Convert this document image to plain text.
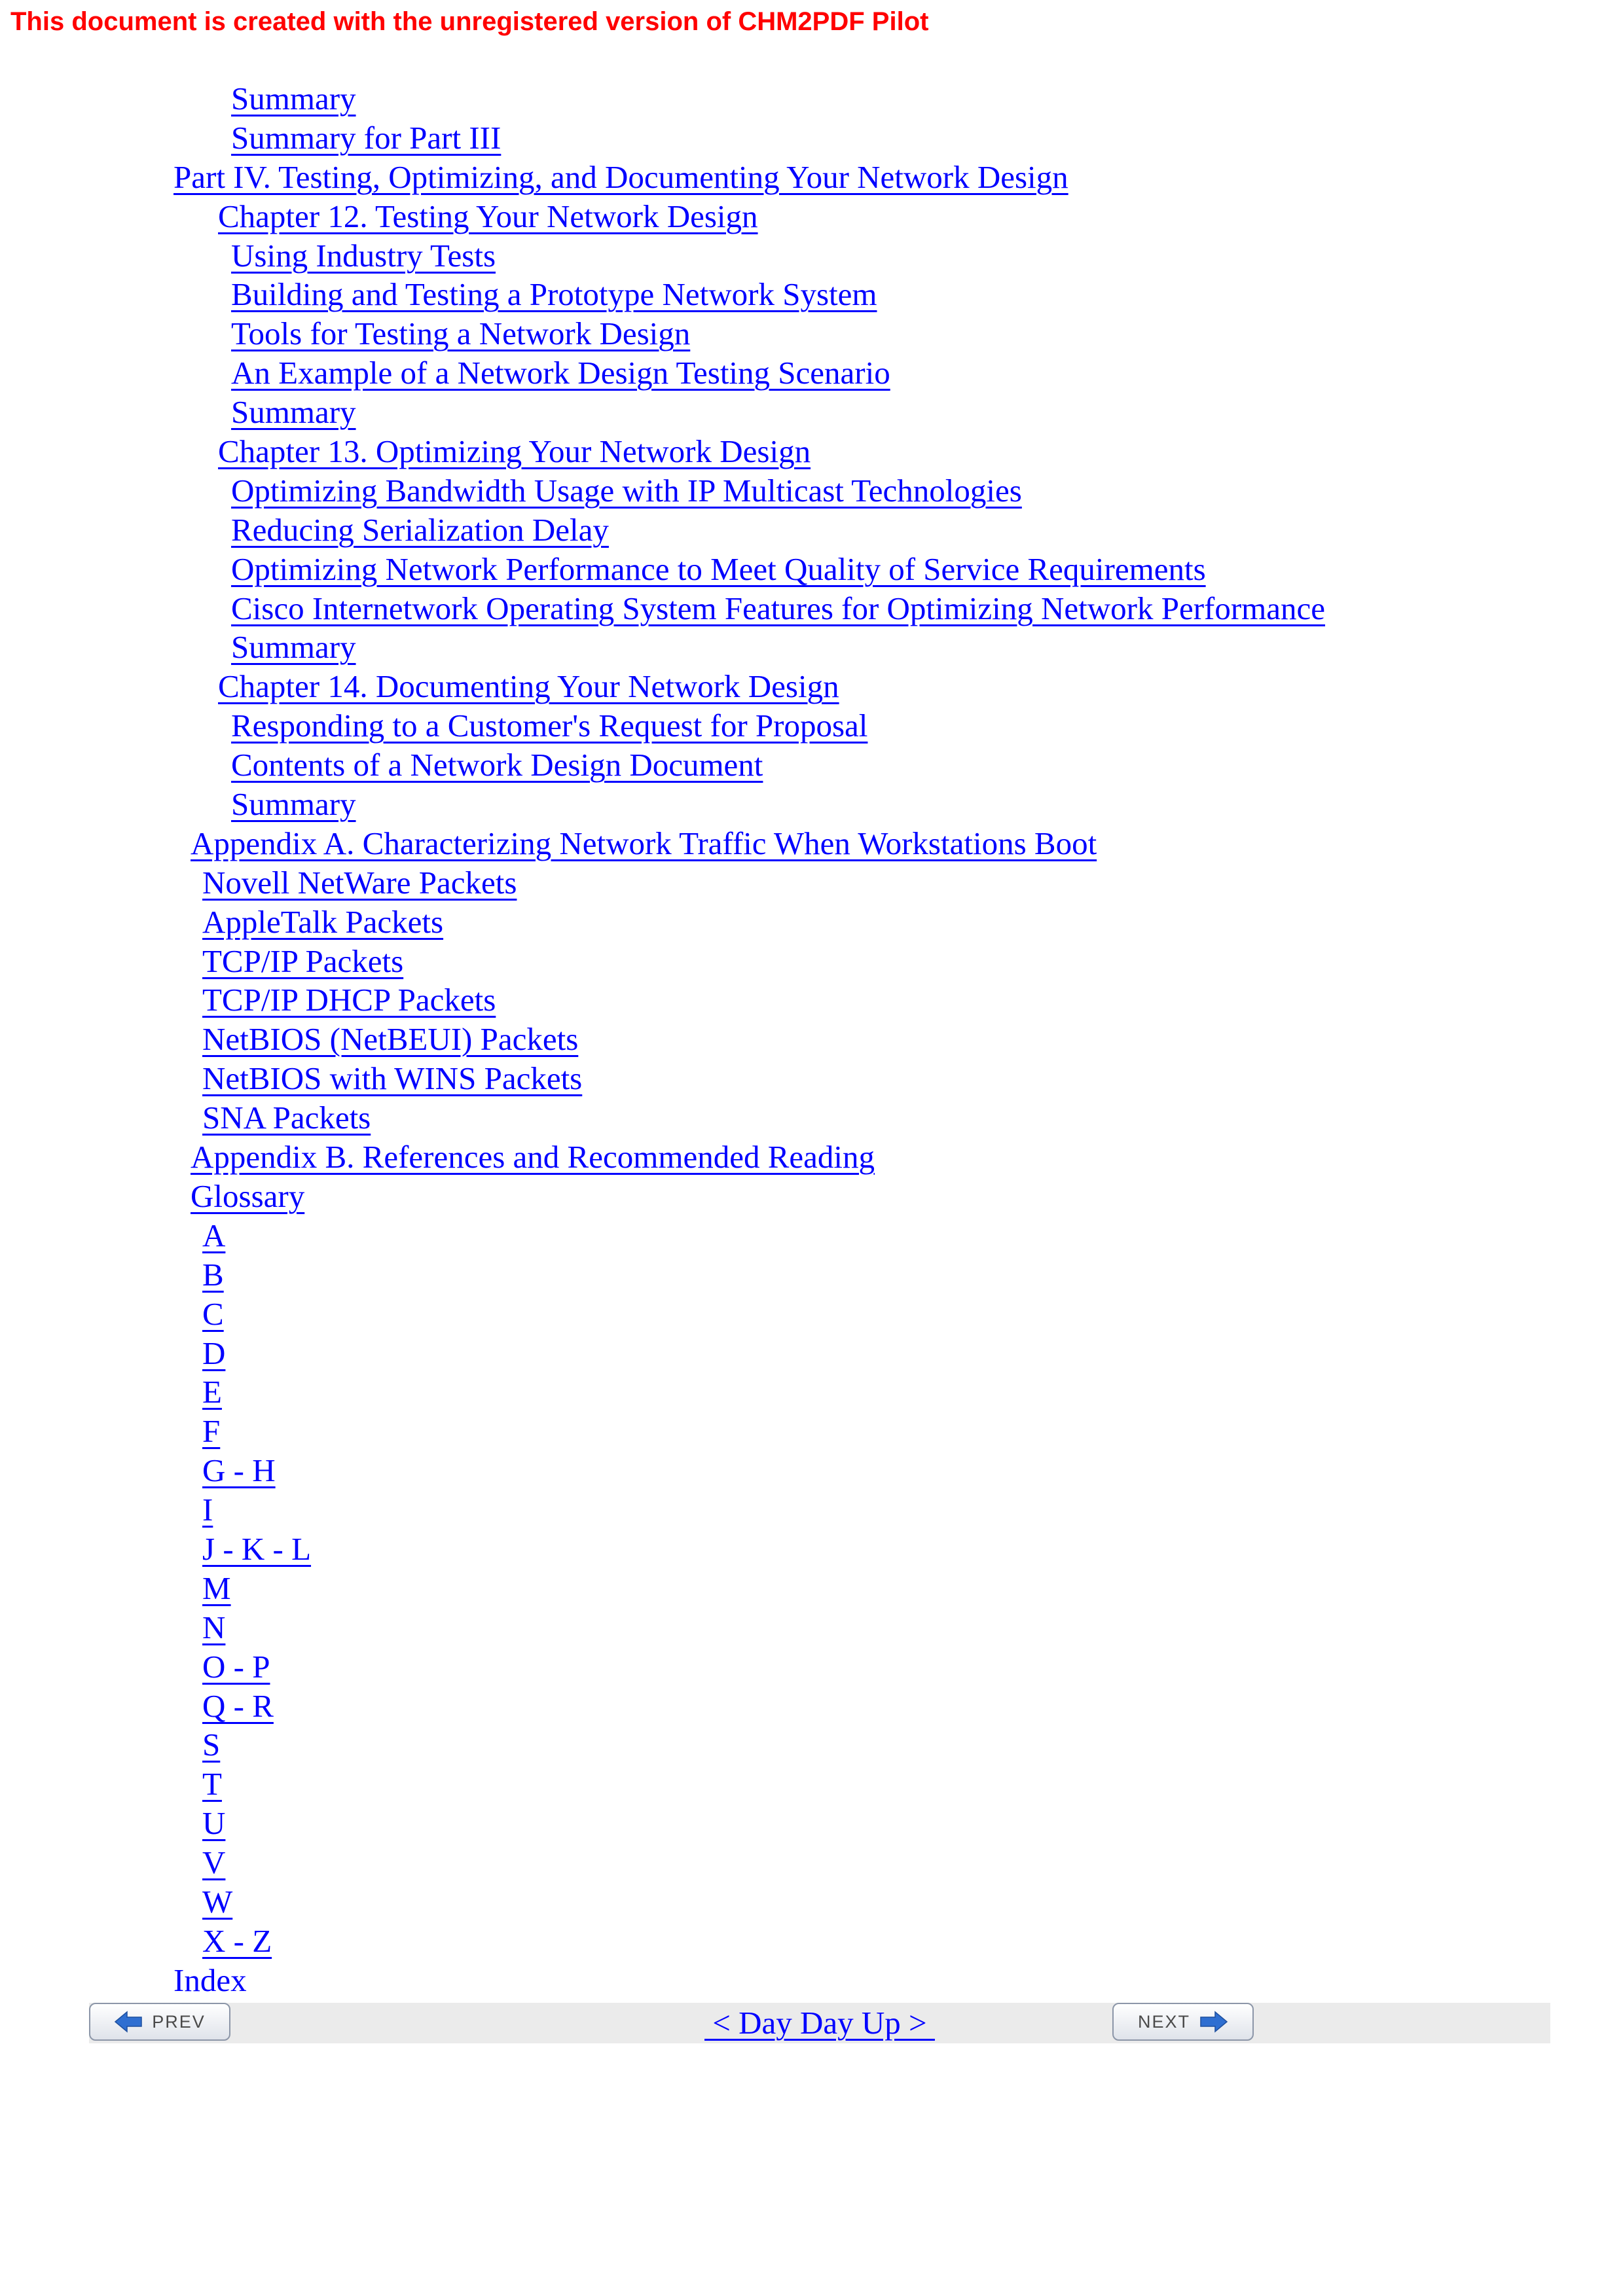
This document is created with the unregistered version of CHM2PDF Pilot
Summary
Summary for Part III
Part IV. Testing, Optimizing, and Documenting Your Network Design
Chapter 12. Testing Your Network Design
Using Industry Tests
Building and Testing a Prototype Network System
Tools for Testing a Network Design
An Example of a Network Design Testing Scenario
Summary
Chapter 13. Optimizing Your Network Design
Optimizing Bandwidth Usage with IP Multicast Technologies
Reducing Serialization Delay
Optimizing Network Performance to Meet Quality of Service Requirements
Cisco Internetwork Operating System Features for Optimizing Network Performance
Summary
Chapter 14. Documenting Your Network Design
Responding to a Customer's Request for Proposal
Contents of a Network Design Document
Summary
Appendix A. Characterizing Network Traffic When Workstations Boot
Novell NetWare Packets
AppleTalk Packets
TCP/IP Packets
TCP/IP DHCP Packets
NetBIOS (NetBEUI) Packets
NetBIOS with WINS Packets
SNA Packets
Appendix B. References and Recommended Reading
Glossary
A
B
C
D
E
F
G - H
I
J - K - L
M
N
O - P
Q - R
S
T
U
V
W
X - Z
Index
PREV	< Day Day Up >	NEXT
